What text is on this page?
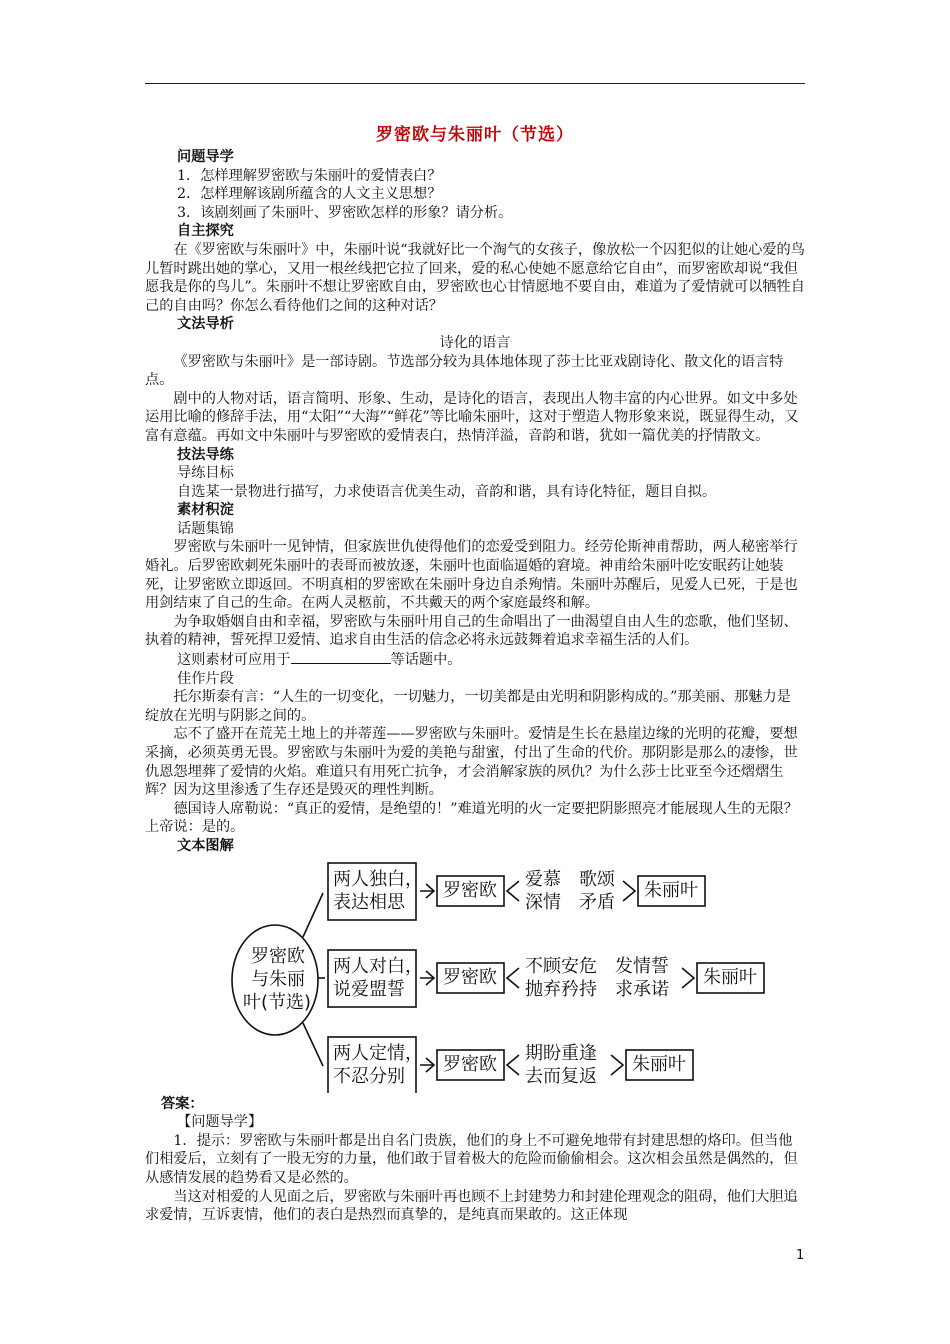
罗密欧与朱丽叶（节选）

问题导学

1．怎样理解罗密欧与朱丽叶的爱情表白？

2．怎样理解该剧所蕴含的人文主义思想？

3．该剧刻画了朱丽叶、罗密欧怎样的形象？请分析。

自主探究

在《罗密欧与朱丽叶》中，朱丽叶说“我就好比一个淘气的女孩子，像放松一个囚犯似的让她心爱的鸟儿暂时跳出她的掌心，又用一根丝线把它拉了回来，爱的私心使她不愿意给它自由”，而罗密欧却说“我但愿我是你的鸟儿”。朱丽叶不想让罗密欧自由，罗密欧也心甘情愿地不要自由，难道为了爱情就可以牺牲自己的自由吗？你怎么看待他们之间的这种对话？

文法导析

诗化的语言

《罗密欧与朱丽叶》是一部诗剧。节选部分较为具体地体现了莎士比亚戏剧诗化、散文化的语言特点。

剧中的人物对话，语言简明、形象、生动，是诗化的语言，表现出人物丰富的内心世界。如文中多处运用比喻的修辞手法，用“太阳”“大海”“鲜花”等比喻朱丽叶，这对于塑造人物形象来说，既显得生动，又富有意蕴。再如文中朱丽叶与罗密欧的爱情表白，热情洋溢，音韵和谐，犹如一篇优美的抒情散文。

技法导练

导练目标

自选某一景物进行描写，力求使语言优美生动，音韵和谐，具有诗化特征，题目自拟。

素材积淀

话题集锦

罗密欧与朱丽叶一见钟情，但家族世仇使得他们的恋爱受到阻力。经劳伦斯神甫帮助，两人秘密举行婚礼。后罗密欧刺死朱丽叶的表哥而被放逐，朱丽叶也面临逼婚的窘境。神甫给朱丽叶吃安眠药让她装死，让罗密欧立即返回。不明真相的罗密欧在朱丽叶身边自杀殉情。朱丽叶苏醒后，见爱人已死，于是也用剑结束了自己的生命。在两人灵柩前，不共戴天的两个家庭最终和解。

为争取婚姻自由和幸福，罗密欧与朱丽叶用自己的生命唱出了一曲渴望自由人生的恋歌，他们坚韧、执着的精神，誓死捍卫爱情、追求自由生活的信念必将永远鼓舞着追求幸福生活的人们。

这则素材可应用于	等话题中。

佳作片段

托尔斯泰有言：“人生的一切变化，一切魅力，一切美都是由光明和阴影构成的。”那美丽、那魅力是绽放在光明与阴影之间的。

忘不了盛开在荒芜土地上的并蒂莲——罗密欧与朱丽叶。爱情是生长在悬崖边缘的光明的花瓣，要想采摘，必须英勇无畏。罗密欧与朱丽叶为爱的美艳与甜蜜，付出了生命的代价。那阴影是那么的凄惨，世仇恩怨埋葬了爱情的火焰。难道只有用死亡抗争，才会消解家族的夙仇？为什么莎士比亚至今还熠熠生辉？因为这里渗透了生存还是毁灭的理性判断。

德国诗人席勒说：“真正的爱情，是绝望的！”难道光明的火一定要把阴影照亮才能展现人生的无限？上帝说：是的。

文本图解

罗密欧
与朱丽
叶(节选)
两人独白，
表达相思
罗密欧
爱慕　歌颂
深情　矛盾
朱丽叶
两人对白，
说爱盟誓
罗密欧
不顾安危　发情誓
抛弃矜持　求承诺
朱丽叶
两人定情，
不忍分别
罗密欧
期盼重逢
去而复返
朱丽叶

答案：

【问题导学】

1．提示：罗密欧与朱丽叶都是出自名门贵族，他们的身上不可避免地带有封建思想的烙印。但当他们相爱后，立刻有了一股无穷的力量，他们敢于冒着极大的危险而偷偷相会。这次相会虽然是偶然的，但从感情发展的趋势看又是必然的。

当这对相爱的人见面之后，罗密欧与朱丽叶再也顾不上封建势力和封建伦理观念的阻碍，他们大胆追求爱情，互诉衷情，他们的表白是热烈而真挚的，是纯真而果敢的。这正体现

1
